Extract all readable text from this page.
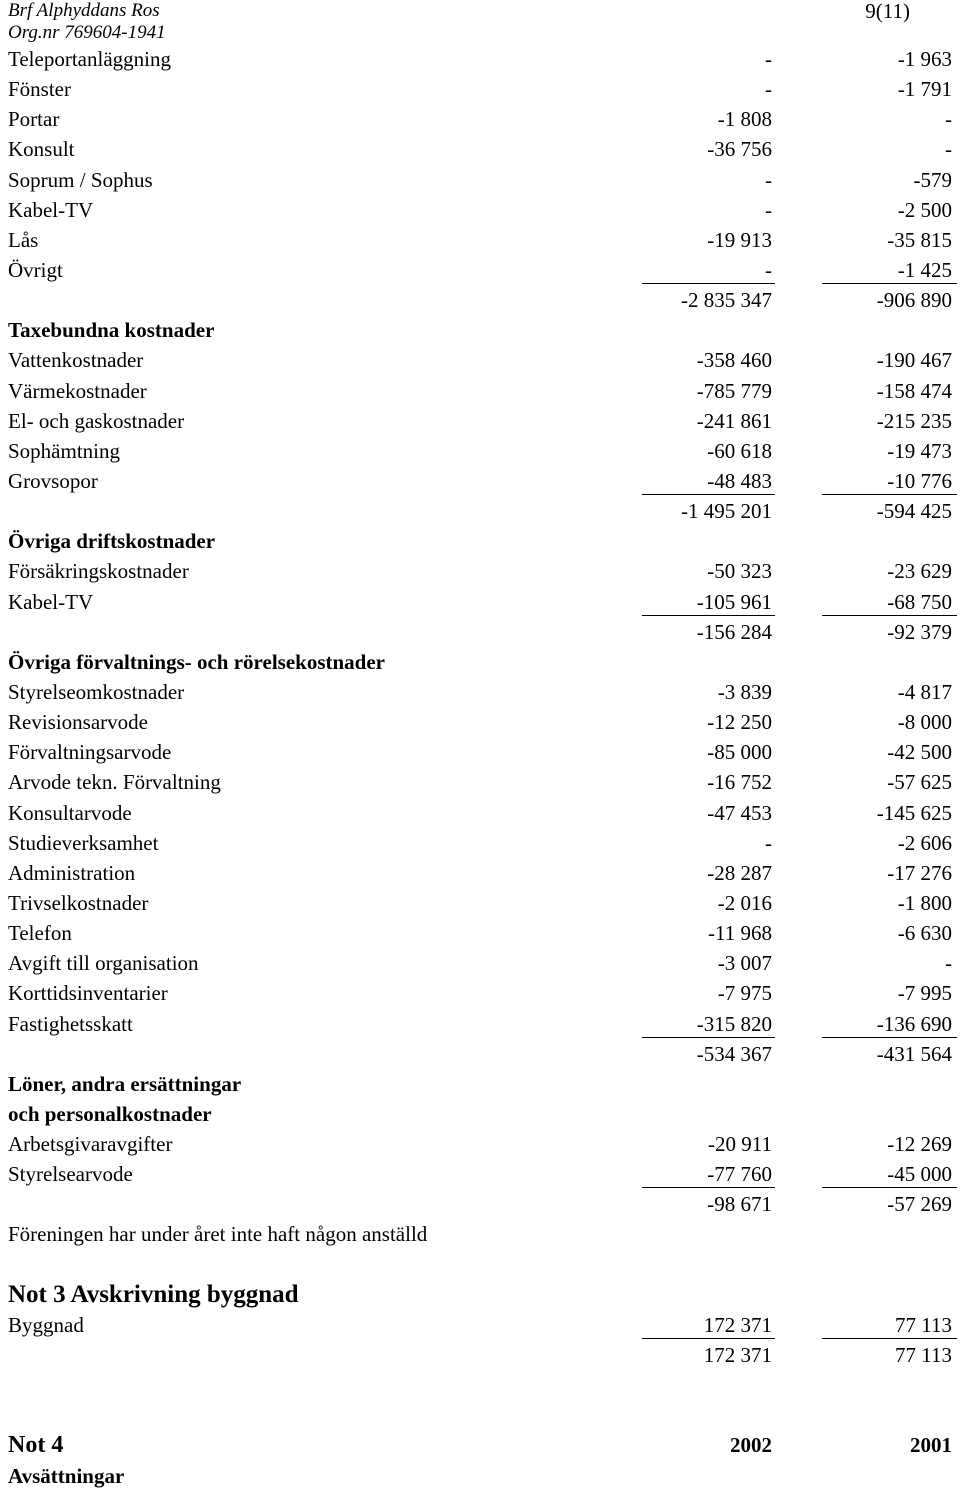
Brf Alphyddans Ros
Org.nr 769604-1941
9(11)
Teleportanläggning	-	-1 963
Fönster	-	-1 791
Portar	-1 808	-
Konsult	-36 756	-
Soprum / Sophus	-	-579
Kabel-TV	-	-2 500
Lås	-19 913	-35 815
Övrigt	-	-1 425
-2 835 347	-906 890
Taxebundna kostnader
Vattenkostnader	-358 460	-190 467
Värmekostnader	-785 779	-158 474
El- och gaskostnader	-241 861	-215 235
Sophämtning	-60 618	-19 473
Grovsopor	-48 483	-10 776
-1 495 201	-594 425
Övriga driftskostnader
Försäkringskostnader	-50 323	-23 629
Kabel-TV	-105 961	-68 750
-156 284	-92 379
Övriga förvaltnings- och rörelsekostnader
Styrelseomkostnader	-3 839	-4 817
Revisionsarvode	-12 250	-8 000
Förvaltningsarvode	-85 000	-42 500
Arvode tekn. Förvaltning	-16 752	-57 625
Konsultarvode	-47 453	-145 625
Studieverksamhet	-	-2 606
Administration	-28 287	-17 276
Trivselkostnader	-2 016	-1 800
Telefon	-11 968	-6 630
Avgift till organisation	-3 007	-
Korttidsinventarier	-7 975	-7 995
Fastighetsskatt	-315 820	-136 690
-534 367	-431 564
Löner, andra ersättningar
och personalkostnader
Arbetsgivaravgifter	-20 911	-12 269
Styrelsearvode	-77 760	-45 000
-98 671	-57 269
Föreningen har under året inte haft någon anställd
Not 3 Avskrivning byggnad
Byggnad	172 371	77 113
172 371	77 113
Not 4	2002	2001
Avsättningar
